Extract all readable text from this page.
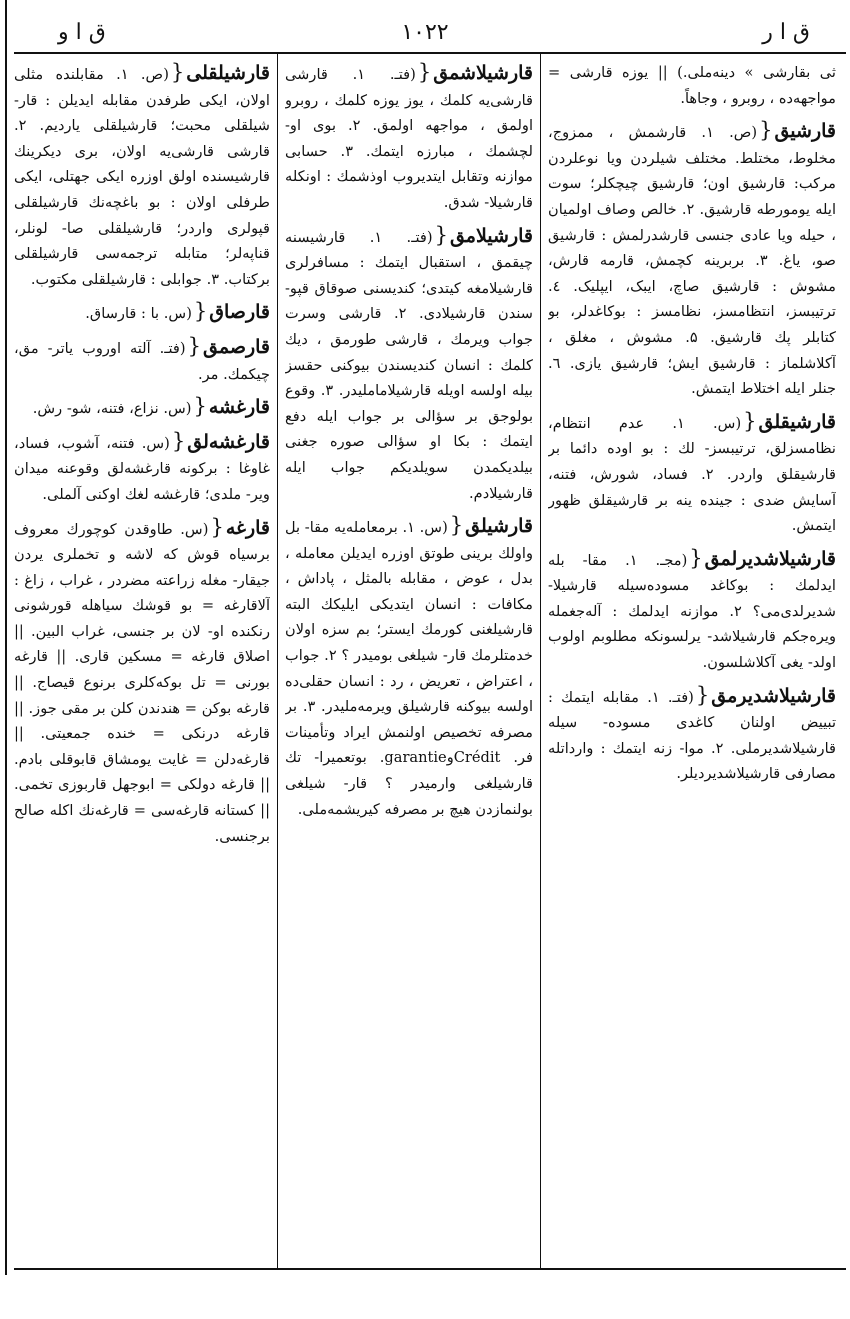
ق ا ر
١٠٢٢
ق ا و

ثی بقارشی » دینه‌ملی.) || یوزه قارشی = مواجهه‌ده ، روبرو ، وجاهاً.

قارشیق{(ص. ۱. قارشمش ، ممزوج، مخلوط، مختلط. مختلف شیلردن ویا نوعلردن مرکب: قارشیق اون؛ قارشیق چیچکلر؛ سوت ایله یومورطه قارشیق. ۲. خالص وصاف اولمیان ، حیله ویا عادی جنسی قارشدرلمش : قارشیق صو، یاغ. ۳. بربرینه کچمش، قارمه قارش، مشوش : قارشیق صاچ، ایبک، ایپلیک. ٤. ترتیبسز، انتظامسز، نظامسز : بوکاغدلر، بو کتابلر پك قارشیق. ۵. مشوش ، مغلق ، آکلاشلماز : قارشیق ایش؛ قارشیق یازی. ٦. جنلر ایله اختلاط ایتمش.

قارشیقلق{(س. ۱. عدم انتظام، نظامسزلق، ترتیبسز- لك : بو اوده دائما بر قارشیقلق واردر. ۲. فساد، شورش، فتنه، آسایش ضدی : جینده ینه بر قارشیقلق ظهور ایتمش.

قارشیلاشدیرلمق{(مجـ. ۱. مقا- بله ایدلمك : بوکاغد مسوده‌سیله قارشیلا- شدیرلدی‌می؟ ۲. موازنه ایدلمك : آله‌جغمله ویره‌جکم قارشیلاشد- یرلسونکه مطلوبم اولوب اولد- یغی آکلاشلسون.

قارشیلاشدیرمق{(فتـ. ۱. مقابله ایتمك : تبییض اولنان کاغدی مسوده- سیله قارشیلاشدیرملی. ۲. موا- زنه ایتمك : وارداتله مصارفی قارشیلاشدیردیلر.

قارشیلاشمق{(فتـ. ۱. قارشی قارشی‌یه کلمك ، یوز یوزه کلمك ، روبرو اولمق ، مواجهه اولمق. ۲. بوی او- لچشمك ، مبارزه ایتمك. ۳. حسابی موازنه وتقابل ایتدیروب اوذشمك : اونکله قارشیلا- شدق.

قارشیلامق{(فتـ. ۱. قارشیسنه چیقمق ، استقبال ایتمك : مسافرلری قارشیلامغه کیتدی؛ کندیسنی صوقاق قپو- سندن قارشیلادی. ۲. قارشی وسرت جواب ویرمك ، قارشی طورمق ، دیك کلمك : انسان کندیسندن بیوکنی حقسز بیله اولسه اویله قارشیلاماملیدر. ۳. وقوع بولوجق بر سؤالی بر جواب ایله دفع ایتمك : بکا او سؤالی صوره جغنی بیلدیکمدن سویلدیکم جواب ایله قارشیلادم.

قارشیلق{(س. ۱. برمعامله‌یه مقا- بل واولك برینی طوتق اوزره ایدیلن معامله ، بدل ، عوض ، مقابله بالمثل ، پاداش ، مکافات : انسان ایتدیکی ایلیکك البته قارشیلغنی کورمك ایستر؛ بم سزه اولان خدمتلرمك قار- شیلغی بومیدر ؟ ۲. جواب ، اعتراض ، تعریض ، رد : انسان حقلی‌ده اولسه بیوکنه قارشیلق ویرمه‌ملیدر. ۳. بر مصرفه تخصیص اولنمش ایراد وتأمینات فر. Créditوgarantie. بوتعمیرا- تك قارشیلغی وارمیدر ؟ قار- شیلغی بولنمازدن هیچ بر مصرفه کیریشمه‌ملی.

قارشیلقلی{(ص. ۱. مقابلنده مثلی اولان، ایکی طرفدن مقابله ایدیلن : قار- شیلقلی محبت؛ قارشیلقلی یاردیم. ۲. قارشی قارشی‌یه اولان، بری دیکرینك قارشیسنده اولق اوزره ایکی جهتلی، ایکی طرفلی اولان : بو باغچه‌نك قارشیلقلی قپولری واردر؛ قارشیلقلی صا- لونلر، قناپه‌لر؛ متابله ترجمه‌سی قارشیلقلی برکتاب. ۳. جوابلی : قارشیلقلی مکتوب.

قارصاق{(س. با : قارساق.

قارصمق{(فتـ. آلته اوروب یاتر- مق، چیکمك. مر.

قارغشه{(س. نزاع، فتنه، شو- رش.

قارغشه‌لق{(س. فتنه، آشوب، فساد، غاوغا : برکونه قارغشه‌لق وقوعنه میدان ویر- ملدی؛ قارغشه لغك اوکنی آلملی.

قارغه{(س. طاوقدن کوچورك معروف برسیاه قوش که لاشه و تخملری یردن جیقار- مغله زراعته مضردر ، غراب ، زاغ : آلاقارغه = بو قوشك سیاهله قورشونی رنکنده او- لان بر جنسی، غراب البین. || اصلاق قارغه = مسکین قاری. || قارغه بورنی = تل بوکه‌کلری برنوع قیصاج. || قارغه بوکن = هندندن کلن بر مقی جوز. || قارغه درنکی = خنده جمعیتی. || قارغه‌دلن = غایت یومشاق قابوقلی بادم. || قارغه دولکی = ابوجهل قاربوزی تخمی. || کستانه قارغه‌سی = قارغه‌نك اکله صالح برجنسی.
